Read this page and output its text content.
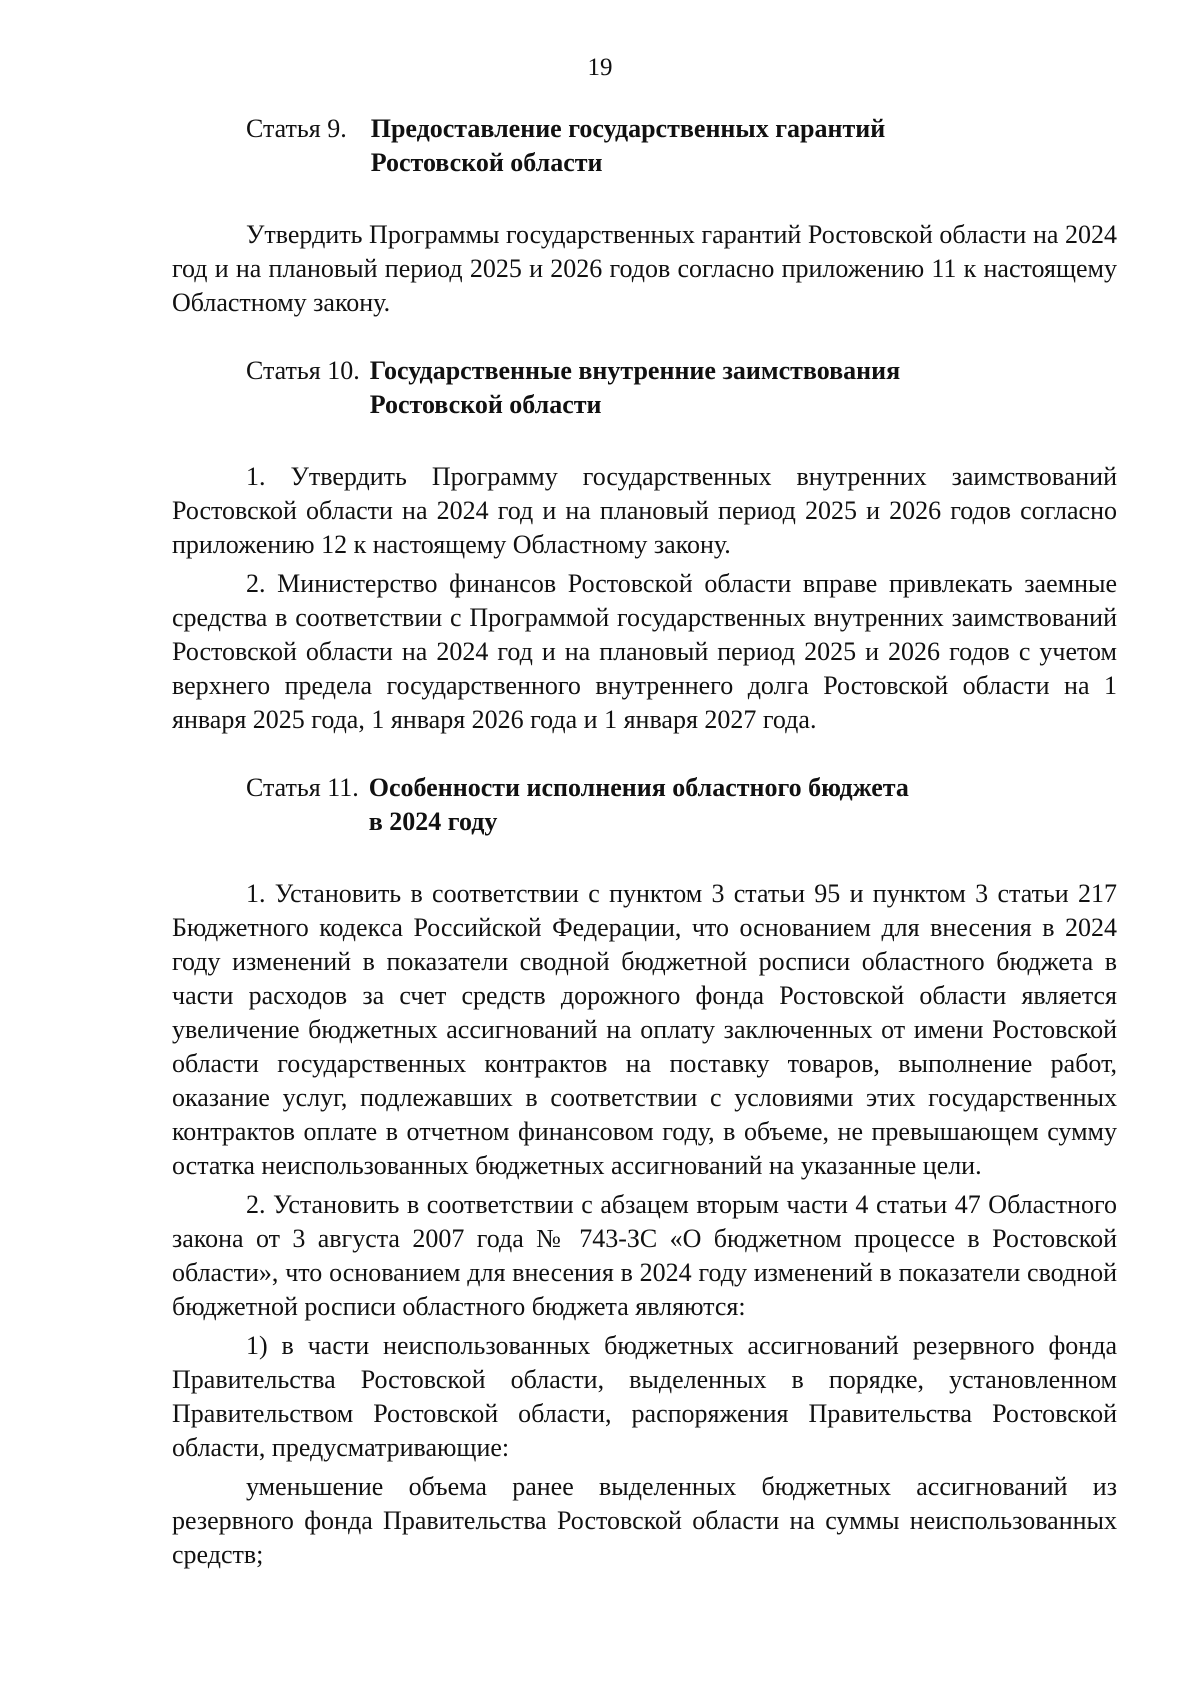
19
Статья 9. Предоставление государственных гарантий
Ростовской области

Утвердить Программы государственных гарантий Ростовской области на 2024 год и на плановый период 2025 и 2026 годов согласно приложению 11 к настоящему Областному закону.

Статья 10. Государственные внутренние заимствования
Ростовской области

1. Утвердить Программу государственных внутренних заимствований Ростовской области на 2024 год и на плановый период 2025 и 2026 годов согласно приложению 12 к настоящему Областному закону.

2. Министерство финансов Ростовской области вправе привлекать заемные средства в соответствии с Программой государственных внутренних заимствований Ростовской области на 2024 год и на плановый период 2025 и 2026 годов с учетом верхнего предела государственного внутреннего долга Ростовской области на 1 января 2025 года, 1 января 2026 года и 1 января 2027 года.

Статья 11. Особенности исполнения областного бюджета
в 2024 году

1. Установить в соответствии с пунктом 3 статьи 95 и пунктом 3 статьи 217 Бюджетного кодекса Российской Федерации, что основанием для внесения в 2024 году изменений в показатели сводной бюджетной росписи областного бюджета в части расходов за счет средств дорожного фонда Ростовской области является увеличение бюджетных ассигнований на оплату заключенных от имени Ростовской области государственных контрактов на поставку товаров, выполнение работ, оказание услуг, подлежавших в соответствии с условиями этих государственных контрактов оплате в отчетном финансовом году, в объеме, не превышающем сумму остатка неиспользованных бюджетных ассигнований на указанные цели.

2. Установить в соответствии с абзацем вторым части 4 статьи 47 Областного закона от 3 августа 2007 года № 743-ЗС «О бюджетном процессе в Ростовской области», что основанием для внесения в 2024 году изменений в показатели сводной бюджетной росписи областного бюджета являются:

1) в части неиспользованных бюджетных ассигнований резервного фонда Правительства Ростовской области, выделенных в порядке, установленном Правительством Ростовской области, распоряжения Правительства Ростовской области, предусматривающие:

уменьшение объема ранее выделенных бюджетных ассигнований из резервного фонда Правительства Ростовской области на суммы неиспользованных средств;
